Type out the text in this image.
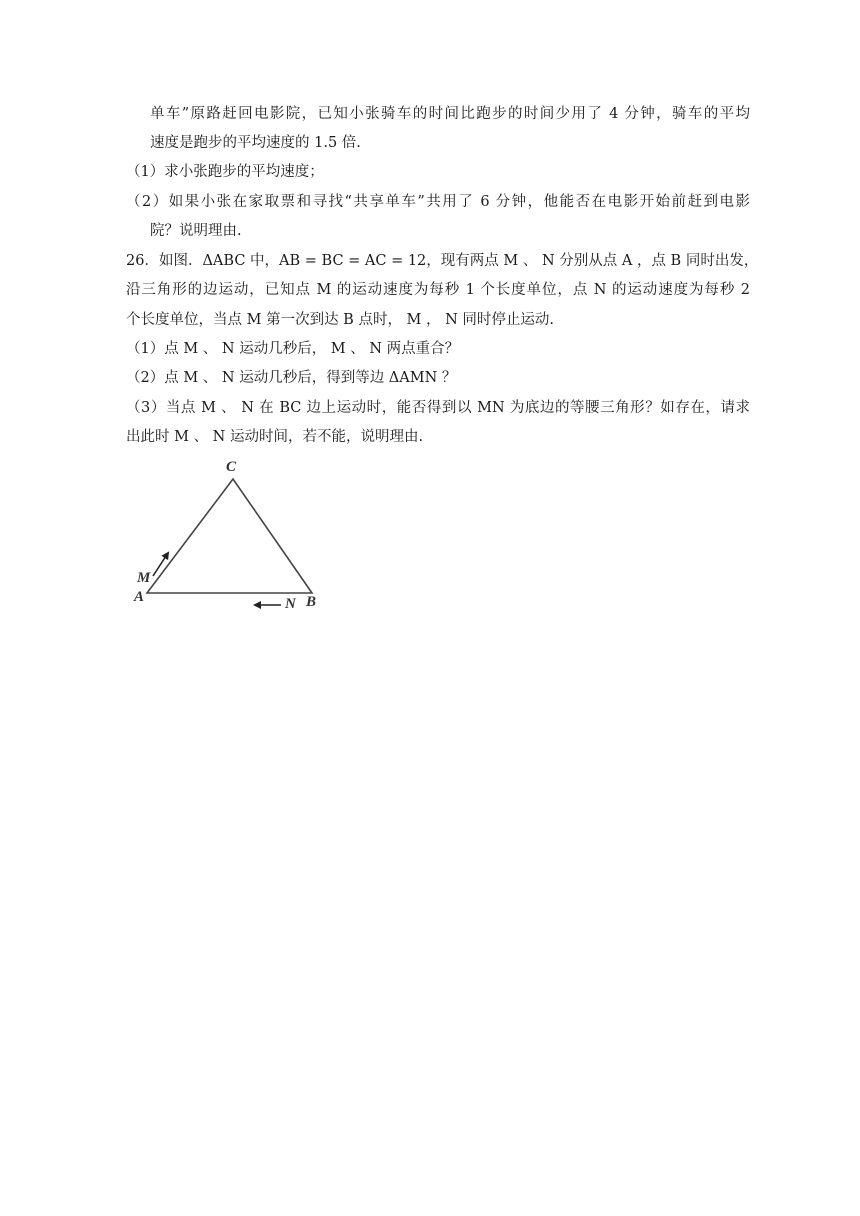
单车”原路赶回电影院，已知小张骑车的时间比跑步的时间少用了 4 分钟，骑车的平均
速度是跑步的平均速度的 1.5 倍.
（1）求小张跑步的平均速度；
（2）如果小张在家取票和寻找“共享单车”共用了 6 分钟，他能否在电影开始前赶到电影
院？说明理由.
26．如图．ΔABC 中，AB = BC = AC = 12，现有两点 M 、 N 分别从点 A ，点 B 同时出发，
沿三角形的边运动，已知点 M 的运动速度为每秒 1 个长度单位，点 N 的运动速度为每秒 2
个长度单位，当点 M 第一次到达 B 点时， M ， N 同时停止运动.
（1）点 M 、 N 运动几秒后， M 、 N 两点重合？
（2）点 M 、 N 运动几秒后，得到等边 ΔAMN ？
（3）当点 M 、 N 在 BC 边上运动时，能否得到以 MN 为底边的等腰三角形？如存在，请求
出此时 M 、 N 运动时间，若不能，说明理由.
C
M
A	N B
